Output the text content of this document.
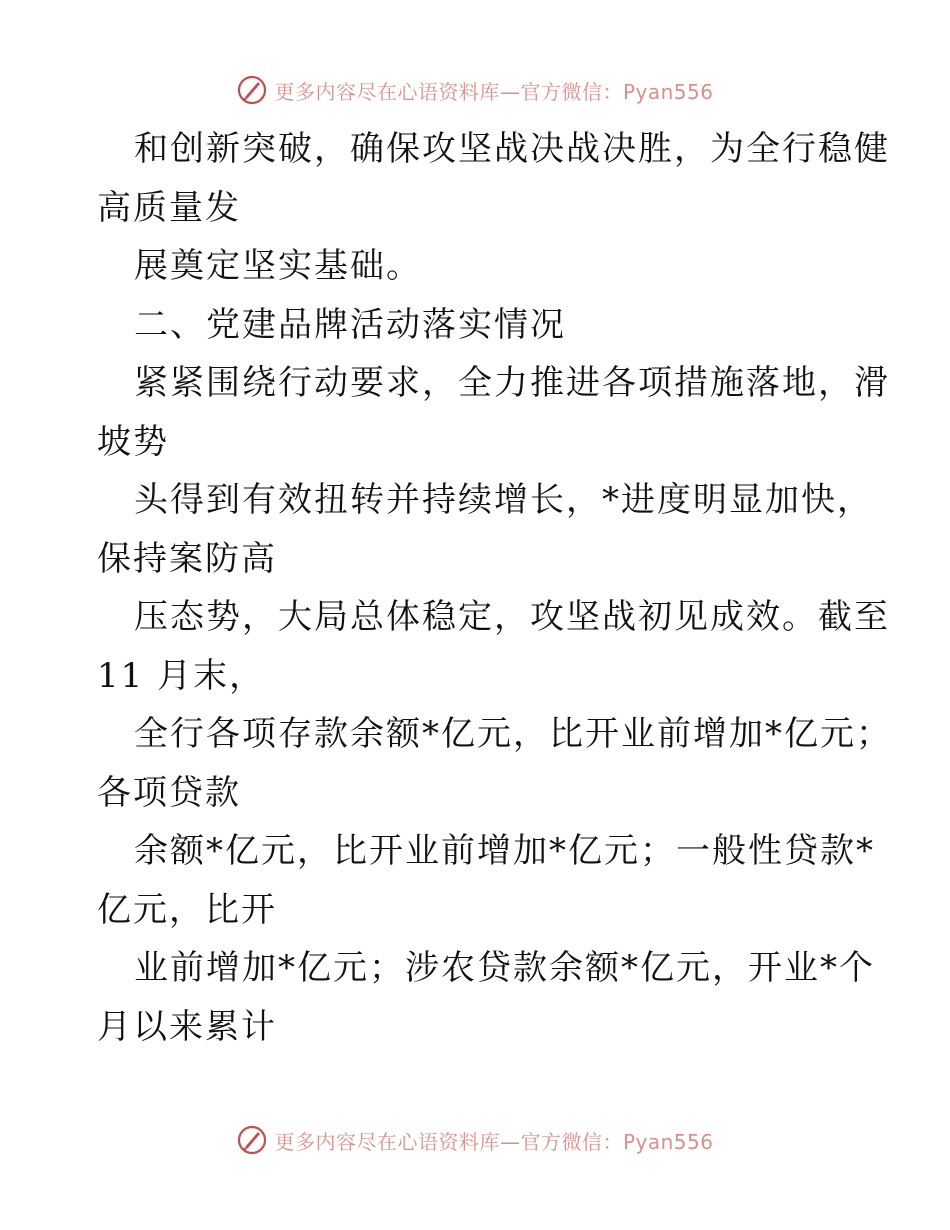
更多内容尽在心语资料库—官方微信：Pyan556
和创新突破，确保攻坚战决战决胜，为全行稳健
高质量发
展奠定坚实基础。
二、党建品牌活动落实情况
紧紧围绕行动要求，全力推进各项措施落地，滑
坡势
头得到有效扭转并持续增长，*进度明显加快，
保持案防高
压态势，大局总体稳定，攻坚战初见成效。截至
11 月末，
全行各项存款余额*亿元，比开业前增加*亿元；
各项贷款
余额*亿元，比开业前增加*亿元；一般性贷款*
亿元，比开
业前增加*亿元；涉农贷款余额*亿元，开业*个
月以来累计
更多内容尽在心语资料库—官方微信：Pyan556
